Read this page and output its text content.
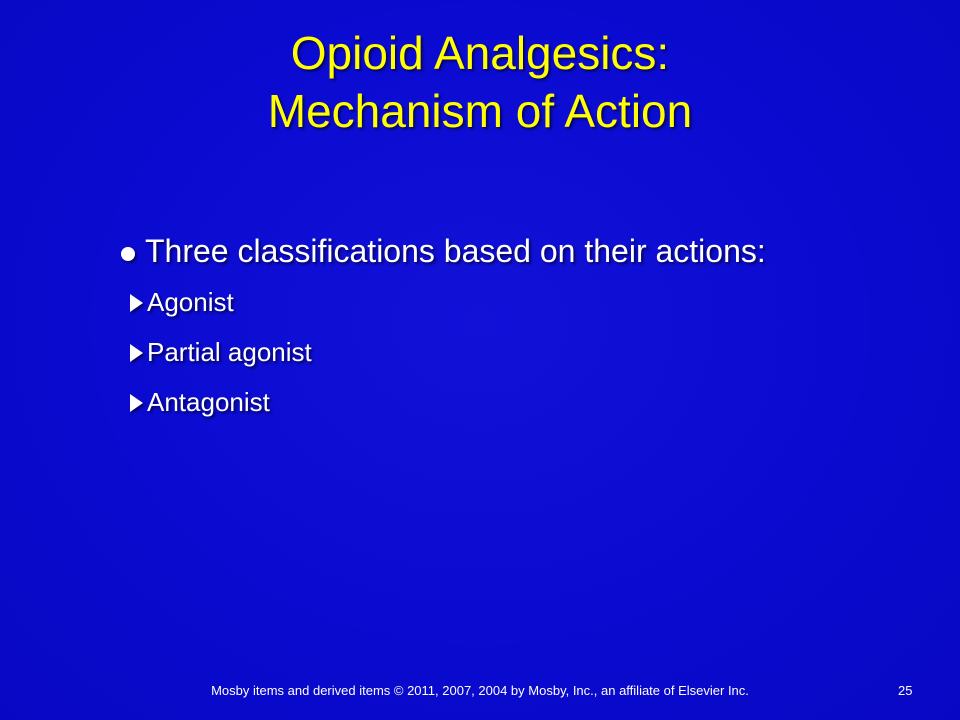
Opioid Analgesics:
Mechanism of Action
Three classifications based on their actions:
Agonist
Partial agonist
Antagonist
Mosby items and derived items © 2011, 2007, 2004 by Mosby, Inc., an affiliate of Elsevier Inc.	25
